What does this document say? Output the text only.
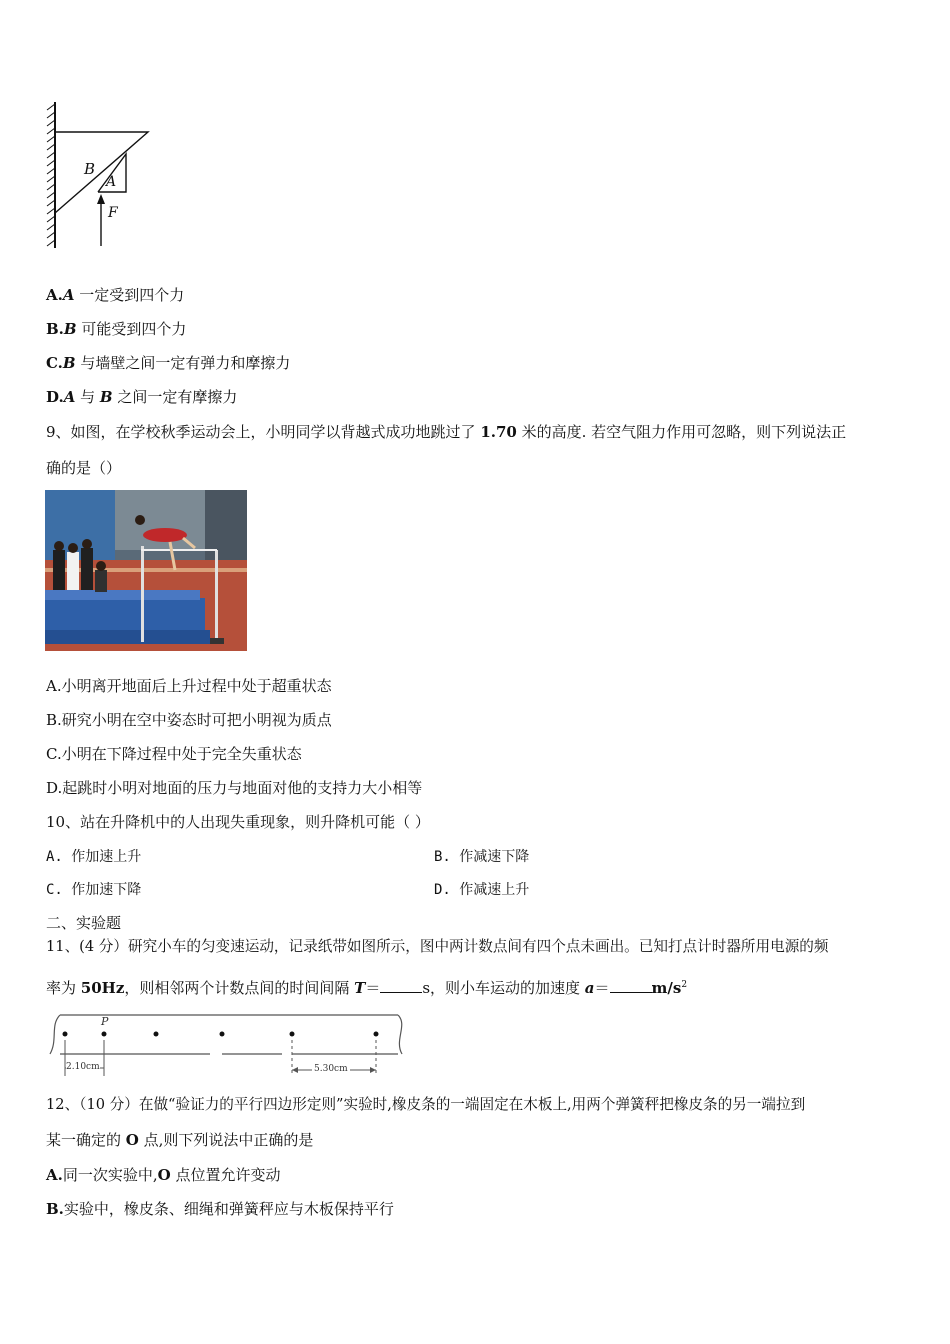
B
A
F
A.A 一定受到四个力
B.B 可能受到四个力
C.B 与墙壁之间一定有弹力和摩擦力
D.A 与 B 之间一定有摩擦力
9、如图，在学校秋季运动会上，小明同学以背越式成功地跳过了 1.70 米的高度. 若空气阻力作用可忽略，则下列说法正
确的是（）
A.小明离开地面后上升过程中处于超重状态
B.研究小明在空中姿态时可把小明视为质点
C.小明在下降过程中处于完全失重状态
D.起跳时小明对地面的压力与地面对他的支持力大小相等
10、站在升降机中的人出现失重现象，则升降机可能（ ）
A. 作加速上升	B. 作减速下降
C. 作加速下降	D. 作减速上升
二、实验题
11、(4 分）研究小车的匀变速运动，记录纸带如图所示，图中两计数点间有四个点未画出。已知打点计时器所用电源的频
率为 50Hz，则相邻两个计数点间的时间间隔 T＝	s，则小车运动的加速度 a＝	$m/s^2$
P
2.10cm	5.30cm
12、（10 分）在做“验证力的平行四边形定则”实验时,橡皮条的一端固定在木板上,用两个弹簧秤把橡皮条的另一端拉到
某一确定的 O 点,则下列说法中正确的是
A.同一次实验中,O 点位置允许变动
B.实验中，橡皮条、细绳和弹簧秤应与木板保持平行
